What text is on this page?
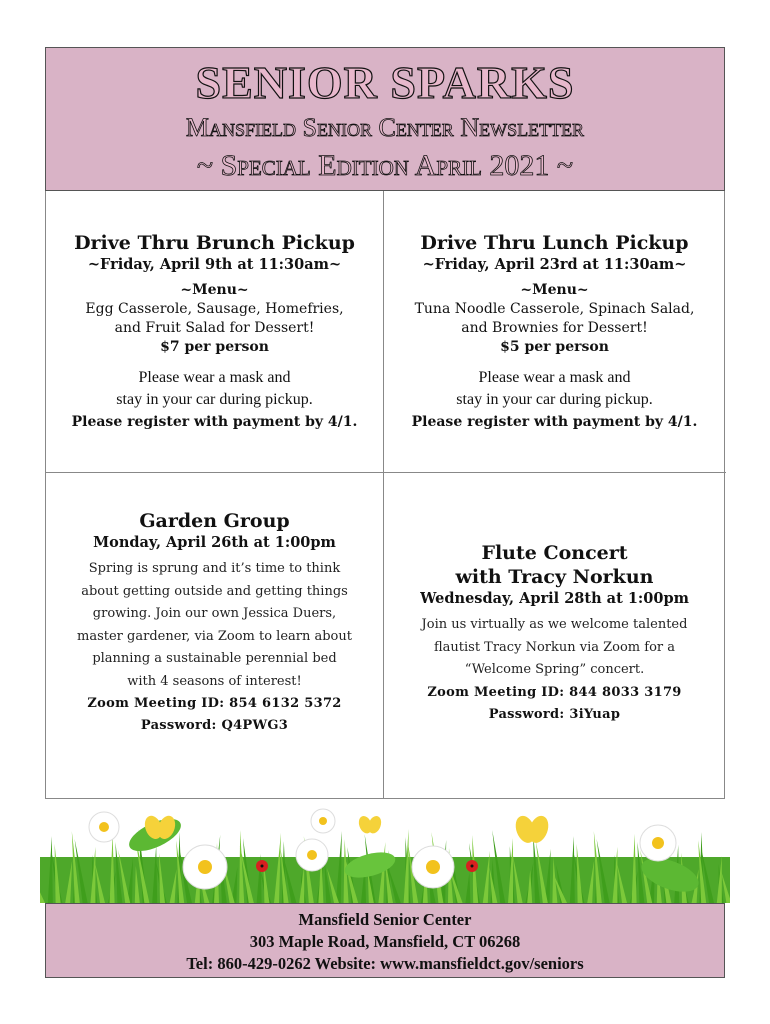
SENIOR SPARKS
Mansfield Senior Center Newsletter
~ Special Edition April 2021 ~
Drive Thru Brunch Pickup
~Friday, April 9th at 11:30am~
~Menu~
Egg Casserole, Sausage, Homefries,
and Fruit Salad for Dessert!
$7 per person
Please wear a mask and
stay in your car during pickup.
Please register with payment by 4/1.
Drive Thru Lunch Pickup
~Friday, April 23rd at 11:30am~
~Menu~
Tuna Noodle Casserole, Spinach Salad,
and Brownies for Dessert!
$5 per person
Please wear a mask and
stay in your car during pickup.
Please register with payment by 4/1.
Garden Group
Monday, April 26th at 1:00pm
Spring is sprung and it’s time to think
about getting outside and getting things
growing. Join our own Jessica Duers,
master gardener, via Zoom to learn about
planning a sustainable perennial bed
with 4 seasons of interest!
Zoom Meeting ID: 854 6132 5372
Password: Q4PWG3
Flute Concert
with Tracy Norkun
Wednesday, April 28th at 1:00pm
Join us virtually as we welcome talented
flautist Tracy Norkun via Zoom for a
“Welcome Spring” concert.
Zoom Meeting ID: 844 8033 3179
Password: 3iYuap
Mansfield Senior Center
303 Maple Road, Mansfield, CT 06268
Tel: 860-429-0262 Website: www.mansfieldct.gov/seniors
